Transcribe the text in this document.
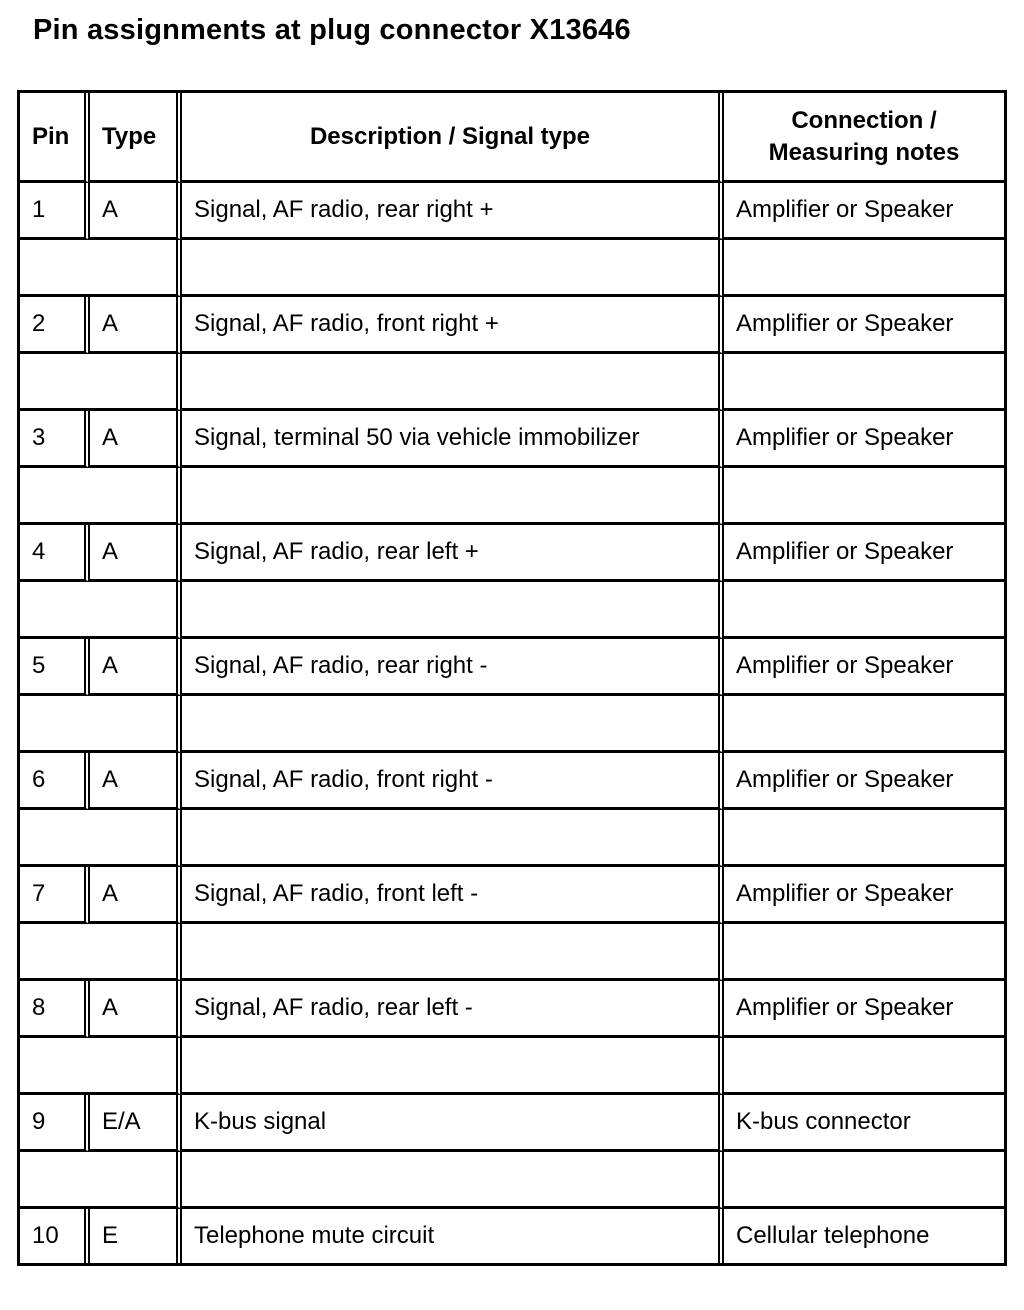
Pin assignments at plug connector X13646
Pin	Type	Description / Signal type	Connection / Measuring notes
1	A	Signal, AF radio, rear right +	Amplifier or Speaker

2	A	Signal, AF radio, front right +	Amplifier or Speaker

3	A	Signal, terminal 50 via vehicle immobilizer	Amplifier or Speaker

4	A	Signal, AF radio, rear left +	Amplifier or Speaker

5	A	Signal, AF radio, rear right -	Amplifier or Speaker

6	A	Signal, AF radio, front right -	Amplifier or Speaker

7	A	Signal, AF radio, front left -	Amplifier or Speaker

8	A	Signal, AF radio, rear left -	Amplifier or Speaker

9	E/A	K-bus signal	K-bus connector

10	E	Telephone mute circuit	Cellular telephone
